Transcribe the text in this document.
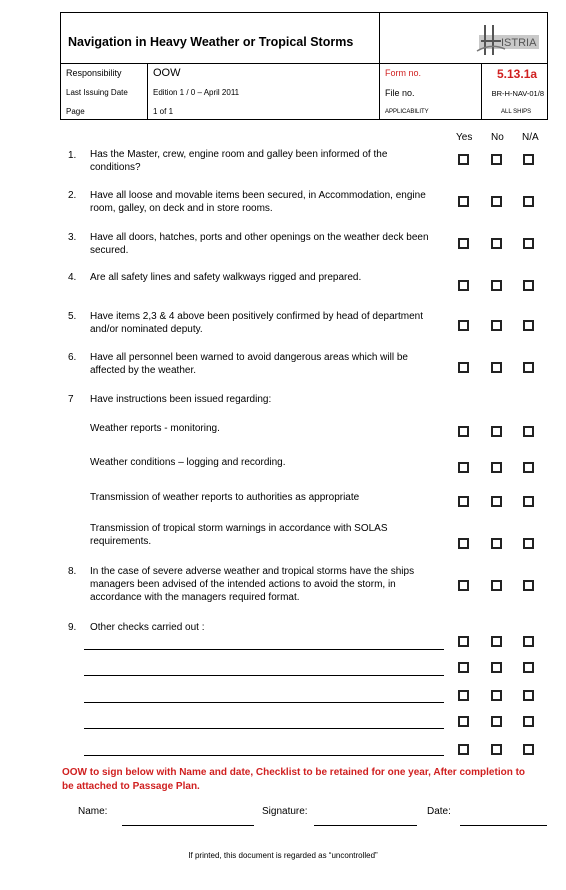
Navigation in Heavy Weather or Tropical Storms	ISTRIA
Responsibility	OOW
Last Issuing Date	Edition 1 / 0 – April 2011
Page	1 of 1
Form no.	5.13.1a
File no.	BR-H-NAV-01/8
APPLICABILITY	ALL SHIPS
Yes No N/A
1. Has the Master, crew, engine room and galley been informed of the
conditions?
2. Have all loose and movable items been secured, in Accommodation, engine
room, galley, on deck and in store rooms.
3. Have all doors, hatches, ports and other openings on the weather deck been
secured.
4. Are all safety lines and safety walkways rigged and prepared.
5. Have items 2,3 & 4 above been positively confirmed by head of department
and/or nominated deputy.
6. Have all personnel been warned to avoid dangerous areas which will be
affected by the weather.
7 Have instructions been issued regarding:
Weather reports - monitoring.
Weather conditions – logging and recording.
Transmission of weather reports to authorities as appropriate
Transmission of tropical storm warnings in accordance with SOLAS
requirements.
8. In the case of severe adverse weather and tropical storms have the ships
managers been advised of the intended actions to avoid the storm, in
accordance with the managers required format.
9. Other checks carried out :
OOW to sign below with Name and date, Checklist to be retained for one year, After completion to
be attached to Passage Plan.
Name:	Signature:	Date:
If printed, this document is regarded as “uncontrolled”
